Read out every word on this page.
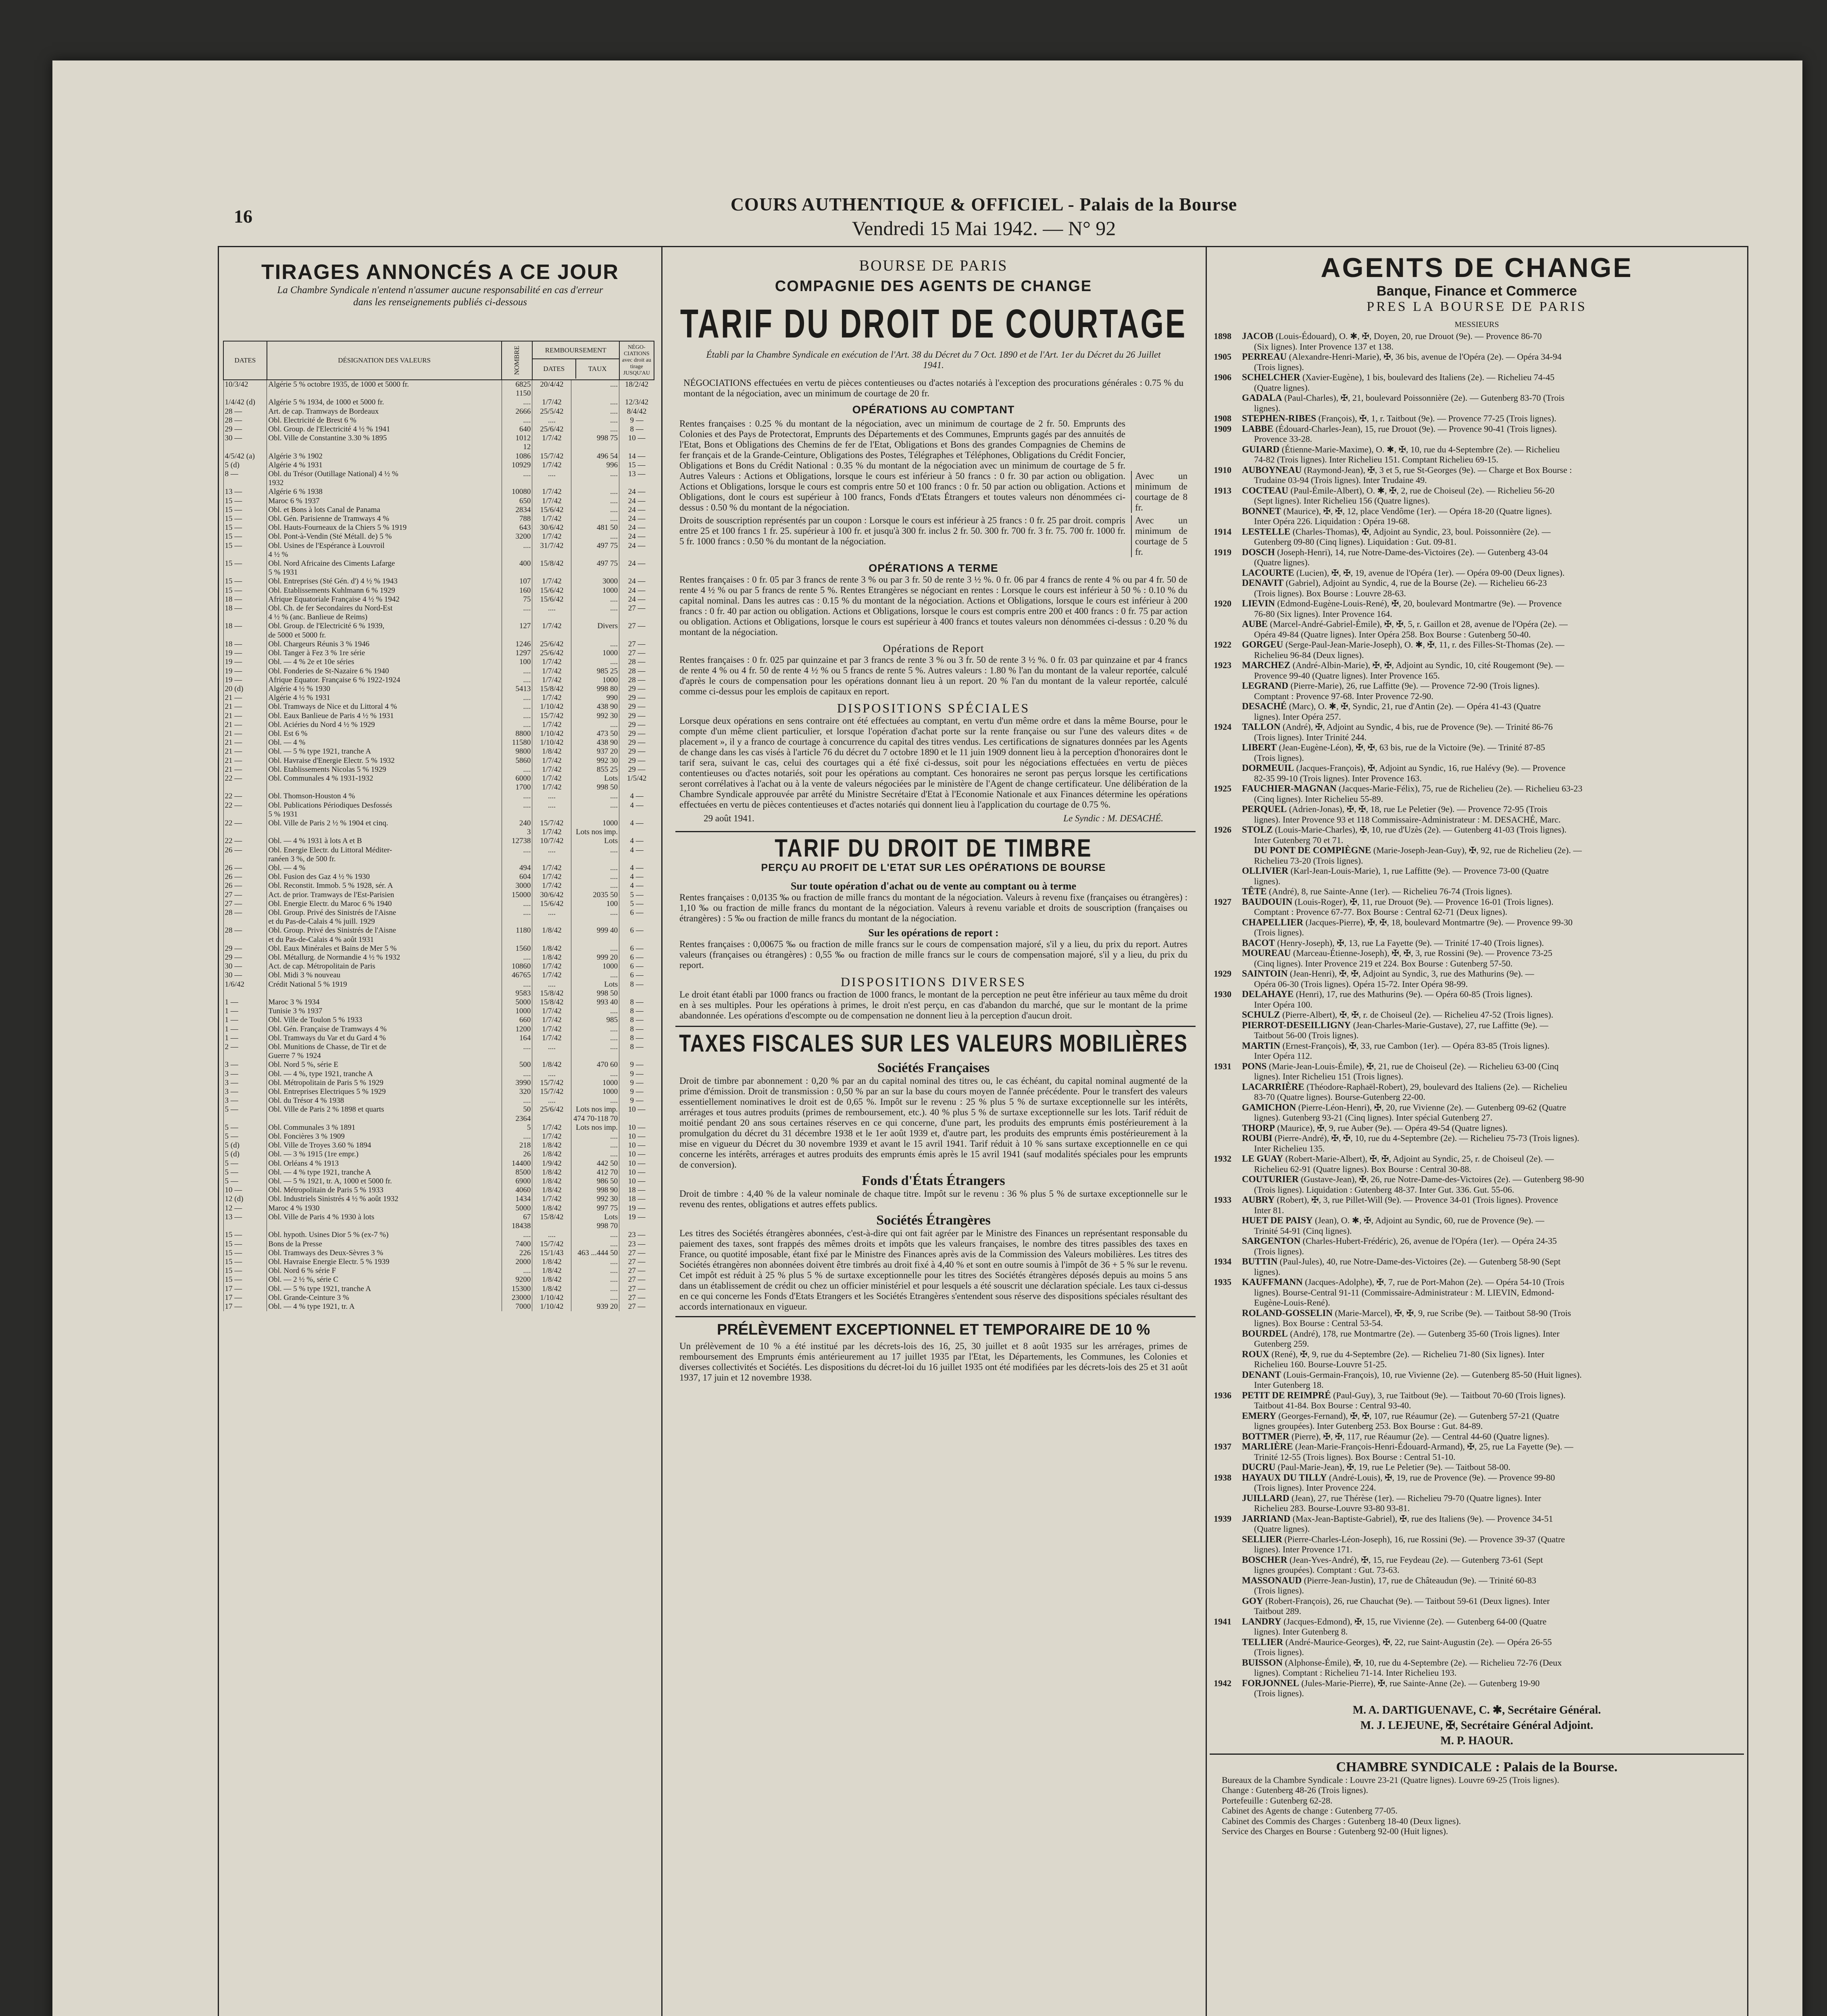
16
COURS AUTHENTIQUE & OFFICIEL - Palais de la Bourse
Vendredi 15 Mai 1942. — N° 92
TIRAGES ANNONCÉS A CE JOUR
La Chambre Syndicale n'entend n'assumer aucune responsabilité en cas d'erreur dans les renseignements publiés ci-dessous
DATES	DÉSIGNATION DES VALEURS	NOMBRE	REMBOURSEMENT
DATES TAUX		NÉGO-CIATIONS avec droit au tirage JUSQU'AU
10/3/42	Algérie 5 % octobre 1935, de 1000 et 5000 fr.	6825	20/4/42	....	18/2/42
		1150			
1/4/42 (d)	Algérie 5 % 1934, de 1000 et 5000 fr.	....	1/7/42	....	12/3/42
28 —	Art. de cap. Tramways de Bordeaux	2666	25/5/42	....	8/4/42
28 —	Obl. Electricité de Brest 6 %	....	....	....	9 —
29 —	Obl. Group. de l'Electricité 4 ½ % 1941	640	25/6/42	....	8 —
30 —	Obl. Ville de Constantine 3.30 % 1895	1012	1/7/42	998 75	10 —
		12			
4/5/42 (a)	Algérie 3 % 1902	1086	15/7/42	496 54	14 —
5 (d)	Algérie 4 % 1931	10929	1/7/42	996	15 —
8 —	Obl. du Trésor (Outillage National) 4 ½ %	....	....	....	13 —
	1932				
13 —	Algérie 6 % 1938	10080	1/7/42	....	24 —
15 —	Maroc 6 % 1937	650	1/7/42	....	24 —
15 —	Obl. et Bons à lots Canal de Panama	2834	15/6/42	....	24 —
15 —	Obl. Gén. Parisienne de Tramways 4 %	788	1/7/42	....	24 —
15 —	Obl. Hauts-Fourneaux de la Chiers 5 % 1919	643	30/6/42	481 50	24 —
15 —	Obl. Pont-à-Vendin (Sté Métall. de) 5 %	3200	1/7/42	....	24 —
15 —	Obl. Usines de l'Espérance à Louvroil	....	31/7/42	497 75	24 —
	4 ½ %				
15 —	Obl. Nord Africaine des Ciments Lafarge	400	15/8/42	497 75	24 —
	5 % 1931				
15 —	Obl. Entreprises (Sté Gén. d') 4 ½ % 1943	107	1/7/42	3000	24 —
15 —	Obl. Etablissements Kuhlmann 6 % 1929	160	15/6/42	1000	24 —
18 —	Afrique Equatoriale Française 4 ½ % 1942	75	15/6/42	....	24 —
18 —	Obl. Ch. de fer Secondaires du Nord-Est	....	....	....	27 —
	4 ½ % (anc. Banlieue de Reims)				
18 —	Obl. Group. de l'Electricité 6 % 1939,	127	1/7/42	Divers	27 —
	de 5000 et 5000 fr.				
18 —	Obl. Chargeurs Réunis 3 % 1946	1246	25/6/42	....	27 —
19 —	Obl. Tanger à Fez 3 % 1re série	1297	25/6/42	1000	27 —
19 —	Obl. — 4 % 2e et 10e séries	100	1/7/42	....	28 —
19 —	Obl. Fonderies de St-Nazaire 6 % 1940	....	1/7/42	985 25	28 —
19 —	Afrique Equator. Française 6 % 1922-1924	....	1/7/42	1000	28 —
20 (d)	Algérie 4 ½ % 1930	5413	15/8/42	998 80	29 —
21 —	Algérie 4 ½ % 1931	....	1/7/42	990	29 —
21 —	Obl. Tramways de Nice et du Littoral 4 %	....	1/10/42	438 90	29 —
21 —	Obl. Eaux Banlieue de Paris 4 ½ % 1931	....	15/7/42	992 30	29 —
21 —	Obl. Aciéries du Nord 4 ½ % 1929	....	1/7/42	....	29 —
21 —	Obl. Est 6 %	8800	1/10/42	473 50	29 —
21 —	Obl. — 4 %	11580	1/10/42	438 90	29 —
21 —	Obl. — 5 % type 1921, tranche A	9800	1/8/42	937 20	29 —
21 —	Obl. Havraise d'Energie Electr. 5 % 1932	5860	1/7/42	992 30	29 —
21 —	Obl. Etablissements Nicolas 5 % 1929	....	1/7/42	855 25	29 —
22 —	Obl. Communales 4 % 1931-1932	6000	1/7/42	Lots	1/5/42
		1700	1/7/42	998 50	
22 —	Obl. Thomson-Houston 4 %	....	....	....	4 —
22 —	Obl. Publications Périodiques Desfossés	....	....	....	4 —
	5 % 1931				
22 —	Obl. Ville de Paris 2 ½ % 1904 et cinq.	240	15/7/42	1000	4 —
		3	1/7/42	Lots nos imp.	
22 —	Obl. — 4 % 1931 à lots A et B	12738	10/7/42	Lots	4 —
26 —	Obl. Energie Electr. du Littoral Méditer-	....	....	....	4 —
	ranéen 3 %, de 500 fr.				
26 —	Obl. — 4 %	494	1/7/42	....	4 —
26 —	Obl. Fusion des Gaz 4 ½ % 1930	604	1/7/42	....	4 —
26 —	Obl. Reconstit. Immob. 5 % 1928, sér. A	3000	1/7/42	....	4 —
27 —	Act. de prior. Tramways de l'Est-Parisien	15000	30/6/42	2035 50	5 —
27 —	Obl. Energie Electr. du Maroc 6 % 1940	....	15/6/42	100	5 —
28 —	Obl. Group. Privé des Sinistrés de l'Aisne	....	....	....	6 —
	et du Pas-de-Calais 4 % juill. 1929				
28 —	Obl. Group. Privé des Sinistrés de l'Aisne	1180	1/8/42	999 40	6 —
	et du Pas-de-Calais 4 % août 1931				
29 —	Obl. Eaux Minérales et Bains de Mer 5 %	1560	1/8/42	....	6 —
29 —	Obl. Métallurg. de Normandie 4 ½ % 1932	....	1/8/42	999 20	6 —
30 —	Act. de cap. Métropolitain de Paris	10860	1/7/42	1000	6 —
30 —	Obl. Midi 3 % nouveau	46765	1/7/42	....	6 —
1/6/42	Crédit National 5 % 1919	....	....	Lots	8 —
		9583	15/8/42	998 50	
1 —	Maroc 3 % 1934	5000	15/8/42	993 40	8 —
1 —	Tunisie 3 % 1937	1000	1/7/42	....	8 —
1 —	Obl. Ville de Toulon 5 % 1933	660	1/7/42	985	8 —
1 —	Obl. Gén. Française de Tramways 4 %	1200	1/7/42	....	8 —
1 —	Obl. Tramways du Var et du Gard 4 %	164	1/7/42	....	8 —
2 —	Obl. Munitions de Chasse, de Tir et de	....	....	....	8 —
	Guerre 7 % 1924				
3 —	Obl. Nord 5 %, série E	500	1/8/42	470 60	9 —
3 —	Obl. — 4 %, type 1921, tranche A	....	....	....	9 —
3 —	Obl. Métropolitain de Paris 5 % 1929	3990	15/7/42	1000	9 —
3 —	Obl. Entreprises Electriques 5 % 1929	320	15/7/42	1000	9 —
3 —	Obl. du Trésor 4 % 1938	....	....	....	9 —
5 —	Obl. Ville de Paris 2 % 1898 et quarts	50	25/6/42	Lots nos imp.	10 —
		2364		474 70-118 70	
5 —	Obl. Communales 3 % 1891	5	1/7/42	Lots nos imp.	10 —
5 —	Obl. Foncières 3 % 1909	....	1/7/42	....	10 —
5 (d)	Obl. Ville de Troyes 3.60 % 1894	218	1/8/42	....	10 —
5 (d)	Obl. — 3 % 1915 (1re empr.)	26	1/8/42	....	10 —
5 —	Obl. Orléans 4 % 1913	14400	1/9/42	442 50	10 —
5 —	Obl. — 4 % type 1921, tranche A	8500	1/8/42	412 70	10 —
5 —	Obl. — 5 % 1921, tr. A, 1000 et 5000 fr.	6900	1/8/42	986 50	10 —
10 —	Obl. Métropolitain de Paris 5 % 1933	4060	1/8/42	998 90	18 —
12 (d)	Obl. Industriels Sinistrés 4 ½ % août 1932	1434	1/7/42	992 30	18 —
12 —	Maroc 4 % 1930	5000	1/8/42	997 75	19 —
13 —	Obl. Ville de Paris 4 % 1930 à lots	67	15/8/42	Lots	19 —
		18438		998 70	
15 —	Obl. hypoth. Usines Dior 5 % (ex-7 %)	....	....	....	23 —
15 —	Bons de la Presse	7400	15/7/42	....	23 —
15 —	Obl. Tramways des Deux-Sèvres 3 %	226	15/1/43	463 ...444 50	27 —
15 —	Obl. Havraise Energie Electr. 5 % 1939	2000	1/8/42	....	27 —
15 —	Obl. Nord 6 % série F	....	1/8/42	....	27 —
15 —	Obl. — 2 ½ %, série C	9200	1/8/42	....	27 —
17 —	Obl. — 5 % type 1921, tranche A	15300	1/8/42	....	27 —
17 —	Obl. Grande-Ceinture 3 %	23000	1/10/42	....	27 —
17 —	Obl. — 4 % type 1921, tr. A	7000	1/10/42	939 20	27 —
BOURSE DE PARIS
COMPAGNIE DES AGENTS DE CHANGE
TARIF DU DROIT DE COURTAGE
Établi par la Chambre Syndicale en exécution de l'Art. 38 du Décret du 7 Oct. 1890 et de l'Art. 1er du Décret du 26 Juillet 1941.
NÉGOCIATIONS effectuées en vertu de pièces contentieuses ou d'actes notariés à l'exception des procurations générales : 0.75 % du montant de la négociation, avec un minimum de courtage de 20 fr.
OPÉRATIONS AU COMPTANT
Rentes françaises : 0.25 % du montant de la négociation, avec un minimum de courtage de 2 fr. 50. Emprunts des Colonies et des Pays de Protectorat, Emprunts des Départements et des Communes, Emprunts gagés par des annuités de l'Etat, Bons et Obligations des Chemins de fer de l'Etat, Obligations et Bons des grandes Compagnies de Chemins de fer français et de la Grande-Ceinture, Obligations des Postes, Télégraphes et Téléphones, Obligations du Crédit Foncier, Obligations et Bons du Crédit National : 0.35 % du montant de la négociation avec un minimum de courtage de 5 fr. Autres Valeurs : Actions et Obligations, lorsque le cours est inférieur à 50 francs : 0 fr. 30 par action ou obligation. Actions et Obligations, lorsque le cours est compris entre 50 et 100 francs : 0 fr. 50 par action ou obligation. Actions et Obligations, dont le cours est supérieur à 100 francs, Fonds d'Etats Étrangers et toutes valeurs non dénommées ci-dessus : 0.50 % du montant de la négociation.
Avec un minimum de courtage de 8 fr.
Droits de souscription représentés par un coupon : Lorsque le cours est inférieur à 25 francs : 0 fr. 25 par droit. compris entre 25 et 100 francs 1 fr. 25. supérieur à 100 fr. et jusqu'à 300 fr. inclus 2 fr. 50. 300 fr. 700 fr. 3 fr. 75. 700 fr. 1000 fr. 5 fr. 1000 francs : 0.50 % du montant de la négociation.
Avec un minimum de courtage de 5 fr.
OPÉRATIONS A TERME
Rentes françaises : 0 fr. 05 par 3 francs de rente 3 % ou par 3 fr. 50 de rente 3 ½ %. 0 fr. 06 par 4 francs de rente 4 % ou par 4 fr. 50 de rente 4 ½ % ou par 5 francs de rente 5 %. Rentes Etrangères se négociant en rentes : Lorsque le cours est inférieur à 50 % : 0.10 % du capital nominal. Dans les autres cas : 0.15 % du montant de la négociation. Actions et Obligations, lorsque le cours est inférieur à 200 francs : 0 fr. 40 par action ou obligation. Actions et Obligations, lorsque le cours est compris entre 200 et 400 francs : 0 fr. 75 par action ou obligation. Actions et Obligations, lorsque le cours est supérieur à 400 francs et toutes valeurs non dénommées ci-dessus : 0.20 % du montant de la négociation.
Opérations de Report
Rentes françaises : 0 fr. 025 par quinzaine et par 3 francs de rente 3 % ou 3 fr. 50 de rente 3 ½ %. 0 fr. 03 par quinzaine et par 4 francs de rente 4 % ou 4 fr. 50 de rente 4 ½ % ou 5 francs de rente 5 %. Autres valeurs : 1.80 % l'an du montant de la valeur reportée, calculé d'après le cours de compensation pour les opérations donnant lieu à un report. 20 % l'an du montant de la valeur reportée, calculé comme ci-dessus pour les emplois de capitaux en report.
DISPOSITIONS SPÉCIALES
Lorsque deux opérations en sens contraire ont été effectuées au comptant, en vertu d'un même ordre et dans la même Bourse, pour le compte d'un même client particulier, et lorsque l'opération d'achat porte sur la rente française ou sur l'une des valeurs dites « de placement », il y a franco de courtage à concurrence du capital des titres vendus. Les certifications de signatures données par les Agents de change dans les cas visés à l'article 76 du décret du 7 octobre 1890 et le 11 juin 1909 donnent lieu à la perception d'honoraires dont le tarif sera, suivant le cas, celui des courtages qui a été fixé ci-dessus, soit pour les négociations effectuées en vertu de pièces contentieuses ou d'actes notariés, soit pour les opérations au comptant. Ces honoraires ne seront pas perçus lorsque les certifications seront corrélatives à l'achat ou à la vente de valeurs négociées par le ministère de l'Agent de change certificateur. Une délibération de la Chambre Syndicale approuvée par arrêté du Ministre Secrétaire d'Etat à l'Economie Nationale et aux Finances détermine les opérations effectuées en vertu de pièces contentieuses et d'actes notariés qui donnent lieu à l'application du courtage de 0.75 %.
29 août 1941.	Le Syndic : M. DESACHÉ.
TARIF DU DROIT DE TIMBRE
PERÇU AU PROFIT DE L'ETAT SUR LES OPÉRATIONS DE BOURSE
Sur toute opération d'achat ou de vente au comptant ou à terme
Rentes françaises : 0,0135 ‰ ou fraction de mille francs du montant de la négociation. Valeurs à revenu fixe (françaises ou étrangères) : 1,10 ‰ ou fraction de mille francs du montant de la négociation. Valeurs à revenu variable et droits de souscription (françaises ou étrangères) : 5 ‰ ou fraction de mille francs du montant de la négociation.
Sur les opérations de report :
Rentes françaises : 0,00675 ‰ ou fraction de mille francs sur le cours de compensation majoré, s'il y a lieu, du prix du report. Autres valeurs (françaises ou étrangères) : 0,55 ‰ ou fraction de mille francs sur le cours de compensation majoré, s'il y a lieu, du prix du report.
DISPOSITIONS DIVERSES
Le droit étant établi par 1000 francs ou fraction de 1000 francs, le montant de la perception ne peut être inférieur au taux même du droit en à ses multiples. Pour les opérations à primes, le droit n'est perçu, en cas d'abandon du marché, que sur le montant de la prime abandonnée. Les opérations d'escompte ou de compensation ne donnent lieu à la perception d'aucun droit.
TAXES FISCALES SUR LES VALEURS MOBILIÈRES
Sociétés Françaises
Droit de timbre par abonnement : 0,20 % par an du capital nominal des titres ou, le cas échéant, du capital nominal augmenté de la prime d'émission. Droit de transmission : 0,50 % par an sur la base du cours moyen de l'année précédente. Pour le transfert des valeurs essentiellement nominatives le droit est de 0,65 %. Impôt sur le revenu : 25 % plus 5 % de surtaxe exceptionnelle sur les intérêts, arrérages et tous autres produits (primes de remboursement, etc.). 40 % plus 5 % de surtaxe exceptionnelle sur les lots. Tarif réduit de moitié pendant 20 ans sous certaines réserves en ce qui concerne, d'une part, les produits des emprunts émis postérieurement à la promulgation du décret du 31 décembre 1938 et le 1er août 1939 et, d'autre part, les produits des emprunts émis postérieurement à la mise en vigueur du Décret du 30 novembre 1939 et avant le 15 avril 1941. Tarif réduit à 10 % sans surtaxe exceptionnelle en ce qui concerne les intérêts, arrérages et autres produits des emprunts émis après le 15 avril 1941 (sauf modalités spéciales pour les emprunts de conversion).
Fonds d'États Étrangers
Droit de timbre : 4,40 % de la valeur nominale de chaque titre. Impôt sur le revenu : 36 % plus 5 % de surtaxe exceptionnelle sur le revenu des rentes, obligations et autres effets publics.
Sociétés Étrangères
Les titres des Sociétés étrangères abonnées, c'est-à-dire qui ont fait agréer par le Ministre des Finances un représentant responsable du paiement des taxes, sont frappés des mêmes droits et impôts que les valeurs françaises, le nombre des titres passibles des taxes en France, ou quotité imposable, étant fixé par le Ministre des Finances après avis de la Commission des Valeurs mobilières. Les titres des Sociétés étrangères non abonnées doivent être timbrés au droit fixé à 4,40 % et sont en outre soumis à l'impôt de 36 + 5 % sur le revenu. Cet impôt est réduit à 25 % plus 5 % de surtaxe exceptionnelle pour les titres des Sociétés étrangères déposés depuis au moins 5 ans dans un établissement de crédit ou chez un officier ministériel et pour lesquels a été souscrit une déclaration spéciale. Les taux ci-dessus en ce qui concerne les Fonds d'Etats Etrangers et les Sociétés Etrangères s'entendent sous réserve des dispositions spéciales résultant des accords internationaux en vigueur.
PRÉLÈVEMENT EXCEPTIONNEL ET TEMPORAIRE DE 10 %
Un prélèvement de 10 % a été institué par les décrets-lois des 16, 25, 30 juillet et 8 août 1935 sur les arrérages, primes de remboursement des Emprunts émis antérieurement au 17 juillet 1935 par l'Etat, les Départements, les Communes, les Colonies et diverses collectivités et Sociétés. Les dispositions du décret-loi du 16 juillet 1935 ont été modifiées par les décrets-lois des 25 et 31 août 1937, 17 juin et 12 novembre 1938.
AGENTS DE CHANGE
Banque, Finance et Commerce
PRES LA BOURSE DE PARIS
MESSIEURS
1898	JACOB (Louis-Édouard), O. ✱, ✠, Doyen, 20, rue Drouot (9e). — Provence 86-70
(Six lignes). Inter Provence 137 et 138.
1905	PERREAU (Alexandre-Henri-Marie), ✠, 36 bis, avenue de l'Opéra (2e). — Opéra 34-94
(Trois lignes).
1906	SCHELCHER (Xavier-Eugène), 1 bis, boulevard des Italiens (2e). — Richelieu 74-45
(Quatre lignes).
GADALA (Paul-Charles), ✠, 21, boulevard Poissonnière (2e). — Gutenberg 83-70 (Trois
lignes).
1908	STEPHEN-RIBES (François), ✠, 1, r. Taitbout (9e). — Provence 77-25 (Trois lignes).
1909	LABBE (Édouard-Charles-Jean), 15, rue Drouot (9e). — Provence 90-41 (Trois lignes).
Provence 33-28.
GUIARD (Étienne-Marie-Maxime), O. ✱, ✠, 10, rue du 4-Septembre (2e). — Richelieu
74-82 (Trois lignes). Inter Richelieu 151. Comptant Richelieu 69-15.
1910	AUBOYNEAU (Raymond-Jean), ✠, 3 et 5, rue St-Georges (9e). — Charge et Box Bourse :
Trudaine 03-94 (Trois lignes). Inter Trudaine 49.
1913	COCTEAU (Paul-Émile-Albert), O. ✱, ✠, 2, rue de Choiseul (2e). — Richelieu 56-20
(Sept lignes). Inter Richelieu 156 (Quatre lignes).
BONNET (Maurice), ✠, ✠, 12, place Vendôme (1er). — Opéra 18-20 (Quatre lignes).
Inter Opéra 226. Liquidation : Opéra 19-68.
1914	LESTELLE (Charles-Thomas), ✠, Adjoint au Syndic, 23, boul. Poissonnière (2e). —
Gutenberg 09-80 (Cinq lignes). Liquidation : Gut. 09-81.
1919	DOSCH (Joseph-Henri), 14, rue Notre-Dame-des-Victoires (2e). — Gutenberg 43-04
(Quatre lignes).
LACOURTE (Lucien), ✠, ✠, 19, avenue de l'Opéra (1er). — Opéra 09-00 (Deux lignes).
DENAVIT (Gabriel), Adjoint au Syndic, 4, rue de la Bourse (2e). — Richelieu 66-23
(Trois lignes). Box Bourse : Louvre 28-63.
1920	LIEVIN (Edmond-Eugène-Louis-René), ✠, 20, boulevard Montmartre (9e). — Provence
76-80 (Six lignes). Inter Provence 164.
AUBE (Marcel-André-Gabriel-Émile), ✠, ✠, 5, r. Gaillon et 28, avenue de l'Opéra (2e). —
Opéra 49-84 (Quatre lignes). Inter Opéra 258. Box Bourse : Gutenberg 50-40.
1922	GORGEU (Serge-Paul-Jean-Marie-Joseph), O. ✱, ✠, 11, r. des Filles-St-Thomas (2e). —
Richelieu 96-84 (Deux lignes).
1923	MARCHEZ (André-Albin-Marie), ✠, ✠, Adjoint au Syndic, 10, cité Rougemont (9e). —
Provence 99-40 (Quatre lignes). Inter Provence 165.
LEGRAND (Pierre-Marie), 26, rue Laffitte (9e). — Provence 72-90 (Trois lignes).
Comptant : Provence 97-68. Inter Provence 72-90.
DESACHÉ (Marc), O. ✱, ✠, Syndic, 21, rue d'Antin (2e). — Opéra 41-43 (Quatre
lignes). Inter Opéra 257.
1924	TALLON (André), ✠, Adjoint au Syndic, 4 bis, rue de Provence (9e). — Trinité 86-76
(Trois lignes). Inter Trinité 244.
LIBERT (Jean-Eugène-Léon), ✠, ✠, 63 bis, rue de la Victoire (9e). — Trinité 87-85
(Trois lignes).
DORMEUIL (Jacques-François), ✠, Adjoint au Syndic, 16, rue Halévy (9e). — Provence
82-35 99-10 (Trois lignes). Inter Provence 163.
1925	FAUCHIER-MAGNAN (Jacques-Marie-Félix), 75, rue de Richelieu (2e). — Richelieu 63-23
(Cinq lignes). Inter Richelieu 55-89.
PERQUEL (Adrien-Jonas), ✠, ✠, 18, rue Le Peletier (9e). — Provence 72-95 (Trois
lignes). Inter Provence 93 et 118 Commissaire-Administrateur : M. DESACHÉ, Marc.
1926	STOLZ (Louis-Marie-Charles), ✠, 10, rue d'Uzès (2e). — Gutenberg 41-03 (Trois lignes).
Inter Gutenberg 70 et 71.
DU PONT DE COMPIÈGNE (Marie-Joseph-Jean-Guy), ✠, 92, rue de Richelieu (2e). —
Richelieu 73-20 (Trois lignes).
OLLIVIER (Karl-Jean-Louis-Marie), 1, rue Laffitte (9e). — Provence 73-00 (Quatre
lignes).
TÊTE (André), 8, rue Sainte-Anne (1er). — Richelieu 76-74 (Trois lignes).
1927	BAUDOUIN (Louis-Roger), ✠, 11, rue Drouot (9e). — Provence 16-01 (Trois lignes).
Comptant : Provence 67-77. Box Bourse : Central 62-71 (Deux lignes).
CHAPELLIER (Jacques-Pierre), ✠, ✠, 18, boulevard Montmartre (9e). — Provence 99-30
(Trois lignes).
BACOT (Henry-Joseph), ✠, 13, rue La Fayette (9e). — Trinité 17-40 (Trois lignes).
MOUREAU (Marceau-Étienne-Joseph), ✠, ✠, 3, rue Rossini (9e). — Provence 73-25
(Cinq lignes). Inter Provence 219 et 224. Box Bourse : Gutenberg 57-50.
1929	SAINTOIN (Jean-Henri), ✠, ✠, Adjoint au Syndic, 3, rue des Mathurins (9e). —
Opéra 06-30 (Trois lignes). Opéra 15-72. Inter Opéra 98-99.
1930	DELAHAYE (Henri), 17, rue des Mathurins (9e). — Opéra 60-85 (Trois lignes).
Inter Opéra 100.
SCHULZ (Pierre-Albert), ✠, ✠, r. de Choiseul (2e). — Richelieu 47-52 (Trois lignes).
PIERROT-DESEILLIGNY (Jean-Charles-Marie-Gustave), 27, rue Laffitte (9e). —
Taitbout 56-00 (Trois lignes).
MARTIN (Ernest-François), ✠, 33, rue Cambon (1er). — Opéra 83-85 (Trois lignes).
Inter Opéra 112.
1931	PONS (Marie-Jean-Louis-Émile), ✠, 21, rue de Choiseul (2e). — Richelieu 63-00 (Cinq
lignes). Inter Richelieu 151 (Trois lignes).
LACARRIÈRE (Théodore-Raphaël-Robert), 29, boulevard des Italiens (2e). — Richelieu
83-70 (Quatre lignes). Bourse-Gutenberg 22-00.
GAMICHON (Pierre-Léon-Henri), ✠, 20, rue Vivienne (2e). — Gutenberg 09-62 (Quatre
lignes). Gutenberg 93-21 (Cinq lignes). Inter spécial Gutenberg 27.
THORP (Maurice), ✠, 9, rue Auber (9e). — Opéra 49-54 (Quatre lignes).
ROUBI (Pierre-André), ✠, ✠, 10, rue du 4-Septembre (2e). — Richelieu 75-73 (Trois lignes).
Inter Richelieu 135.
1932	LE GUAY (Robert-Marie-Albert), ✠, ✠, Adjoint au Syndic, 25, r. de Choiseul (2e). —
Richelieu 62-91 (Quatre lignes). Box Bourse : Central 30-88.
COUTURIER (Gustave-Jean), ✠, 26, rue Notre-Dame-des-Victoires (2e). — Gutenberg 98-90
(Trois lignes). Liquidation : Gutenberg 48-37. Inter Gut. 336. Gut. 55-06.
1933	AUBRY (Robert), ✠, 3, rue Pillet-Will (9e). — Provence 34-01 (Trois lignes). Provence
Inter 81.
HUET DE PAISY (Jean), O. ✱, ✠, Adjoint au Syndic, 60, rue de Provence (9e). —
Trinité 54-91 (Cinq lignes).
SARGENTON (Charles-Hubert-Frédéric), 26, avenue de l'Opéra (1er). — Opéra 24-35
(Trois lignes).
1934	BUTTIN (Paul-Jules), 40, rue Notre-Dame-des-Victoires (2e). — Gutenberg 58-90 (Sept
lignes).
1935	KAUFFMANN (Jacques-Adolphe), ✠, 7, rue de Port-Mahon (2e). — Opéra 54-10 (Trois
lignes). Bourse-Central 91-11 (Commissaire-Administrateur : M. LIEVIN, Edmond-
Eugène-Louis-René).
ROLAND-GOSSELIN (Marie-Marcel), ✠, ✠, 9, rue Scribe (9e). — Taitbout 58-90 (Trois
lignes). Box Bourse : Central 53-54.
BOURDEL (André), 178, rue Montmartre (2e). — Gutenberg 35-60 (Trois lignes). Inter
Gutenberg 259.
ROUX (René), ✠, 9, rue du 4-Septembre (2e). — Richelieu 71-80 (Six lignes). Inter
Richelieu 160. Bourse-Louvre 51-25.
DENANT (Louis-Germain-François), 10, rue Vivienne (2e). — Gutenberg 85-50 (Huit lignes).
Inter Gutenberg 18.
1936	PETIT DE REIMPRÉ (Paul-Guy), 3, rue Taitbout (9e). — Taitbout 70-60 (Trois lignes).
Taitbout 41-84. Box Bourse : Central 93-40.
EMERY (Georges-Fernand), ✠, ✠, 107, rue Réaumur (2e). — Gutenberg 57-21 (Quatre
lignes groupées). Inter Gutenberg 253. Box Bourse : Gut. 84-89.
BOTTMER (Pierre), ✠, ✠, 117, rue Réaumur (2e). — Central 44-60 (Quatre lignes).
1937	MARLIÈRE (Jean-Marie-François-Henri-Édouard-Armand), ✠, 25, rue La Fayette (9e). —
Trinité 12-55 (Trois lignes). Box Bourse : Central 51-10.
DUCRU (Paul-Marie-Jean), ✠, 19, rue Le Peletier (9e). — Taitbout 58-00.
1938	HAYAUX DU TILLY (André-Louis), ✠, 19, rue de Provence (9e). — Provence 99-80
(Trois lignes). Inter Provence 224.
JUILLARD (Jean), 27, rue Thérèse (1er). — Richelieu 79-70 (Quatre lignes). Inter
Richelieu 283. Bourse-Louvre 93-80 93-81.
1939	JARRIAND (Max-Jean-Baptiste-Gabriel), ✠, rue des Italiens (9e). — Provence 34-51
(Quatre lignes).
SELLIER (Pierre-Charles-Léon-Joseph), 16, rue Rossini (9e). — Provence 39-37 (Quatre
lignes). Inter Provence 171.
BOSCHER (Jean-Yves-André), ✠, 15, rue Feydeau (2e). — Gutenberg 73-61 (Sept
lignes groupées). Comptant : Gut. 73-63.
MASSONAUD (Pierre-Jean-Justin), 17, rue de Châteaudun (9e). — Trinité 60-83
(Trois lignes).
GOY (Robert-François), 26, rue Chauchat (9e). — Taitbout 59-61 (Deux lignes). Inter
Taitbout 289.
1941	LANDRY (Jacques-Edmond), ✠, 15, rue Vivienne (2e). — Gutenberg 64-00 (Quatre
lignes). Inter Gutenberg 8.
TELLIER (André-Maurice-Georges), ✠, 22, rue Saint-Augustin (2e). — Opéra 26-55
(Trois lignes).
BUISSON (Alphonse-Émile), ✠, 10, rue du 4-Septembre (2e). — Richelieu 72-76 (Deux
lignes). Comptant : Richelieu 71-14. Inter Richelieu 193.
1942	FORJONNEL (Jules-Marie-Pierre), ✠, rue Sainte-Anne (2e). — Gutenberg 19-90
(Trois lignes).
M. A. DARTIGUENAVE, C. ✱, Secrétaire Général.
M. J. LEJEUNE, ✠, Secrétaire Général Adjoint.
M. P. HAOUR.
CHAMBRE SYNDICALE : Palais de la Bourse.
Bureaux de la Chambre Syndicale : Louvre 23-21 (Quatre lignes). Louvre 69-25 (Trois lignes).
Change : Gutenberg 48-26 (Trois lignes).
Portefeuille : Gutenberg 62-28.
Cabinet des Agents de change : Gutenberg 77-05.
Cabinet des Commis des Charges : Gutenberg 18-40 (Deux lignes).
Service des Charges en Bourse : Gutenberg 92-00 (Huit lignes).
